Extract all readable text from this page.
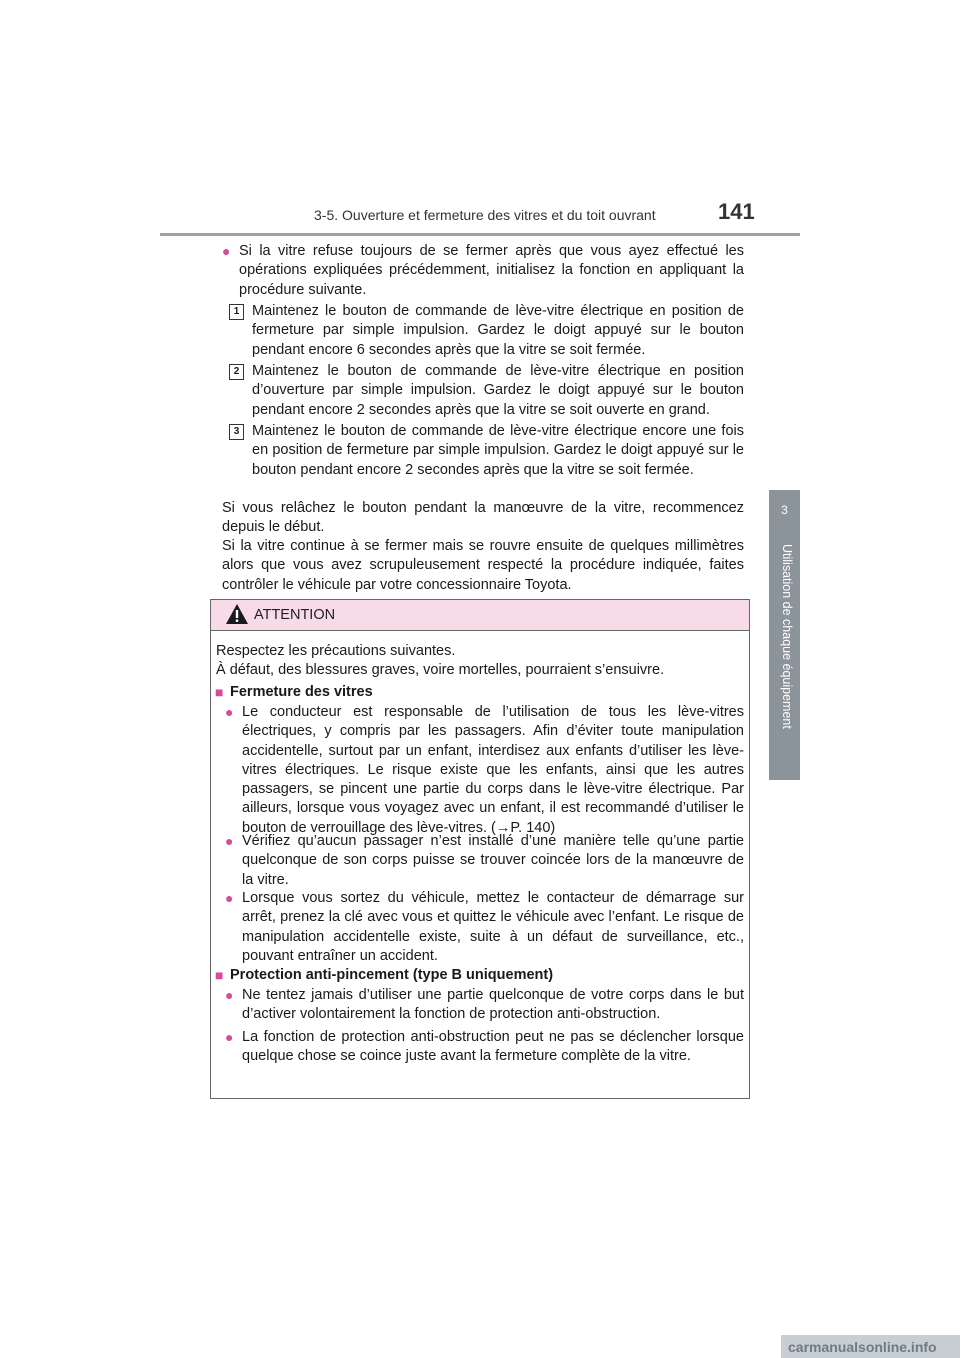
3-5. Ouverture et fermeture des vitres et du toit ouvrant	141
3
Utilisation de chaque équipement
● Si la vitre refuse toujours de se fermer après que vous ayez effectué les opérations expliquées précédemment, initialisez la fonction en appliquant la procédure suivante.
1 Maintenez le bouton de commande de lève-vitre électrique en position de fermeture par simple impulsion. Gardez le doigt appuyé sur le bouton pendant encore 6 secondes après que la vitre se soit fermée.
2 Maintenez le bouton de commande de lève-vitre électrique en position d’ouverture par simple impulsion. Gardez le doigt appuyé sur le bouton pendant encore 2 secondes après que la vitre se soit ouverte en grand.
3 Maintenez le bouton de commande de lève-vitre électrique encore une fois en position de fermeture par simple impulsion. Gardez le doigt appuyé sur le bouton pendant encore 2 secondes après que la vitre se soit fermée.
Si vous relâchez le bouton pendant la manœuvre de la vitre, recommencez depuis le début.
Si la vitre continue à se fermer mais se rouvre ensuite de quelques millimètres alors que vous avez scrupuleusement respecté la procédure indiquée, faites contrôler le véhicule par votre concessionnaire Toyota.
ATTENTION
Respectez les précautions suivantes.
À défaut, des blessures graves, voire mortelles, pourraient s’ensuivre.
■ Fermeture des vitres
● Le conducteur est responsable de l’utilisation de tous les lève-vitres électriques, y compris par les passagers. Afin d’éviter toute manipulation accidentelle, surtout par un enfant, interdisez aux enfants d’utiliser les lève-vitres électriques. Le risque existe que les enfants, ainsi que les autres passagers, se pincent une partie du corps dans le lève-vitre électrique. Par ailleurs, lorsque vous voyagez avec un enfant, il est recommandé d’utiliser le bouton de verrouillage des lève-vitres. (→P. 140)
● Vérifiez qu’aucun passager n’est installé d’une manière telle qu’une partie quelconque de son corps puisse se trouver coincée lors de la manœuvre de la vitre.
● Lorsque vous sortez du véhicule, mettez le contacteur de démarrage sur arrêt, prenez la clé avec vous et quittez le véhicule avec l’enfant. Le risque de manipulation accidentelle existe, suite à un défaut de surveillance, etc., pouvant entraîner un accident.
■ Protection anti-pincement (type B uniquement)
● Ne tentez jamais d’utiliser une partie quelconque de votre corps dans le but d’activer volontairement la fonction de protection anti-obstruction.
● La fonction de protection anti-obstruction peut ne pas se déclencher lorsque quelque chose se coince juste avant la fermeture complète de la vitre.
carmanualsonline.info
